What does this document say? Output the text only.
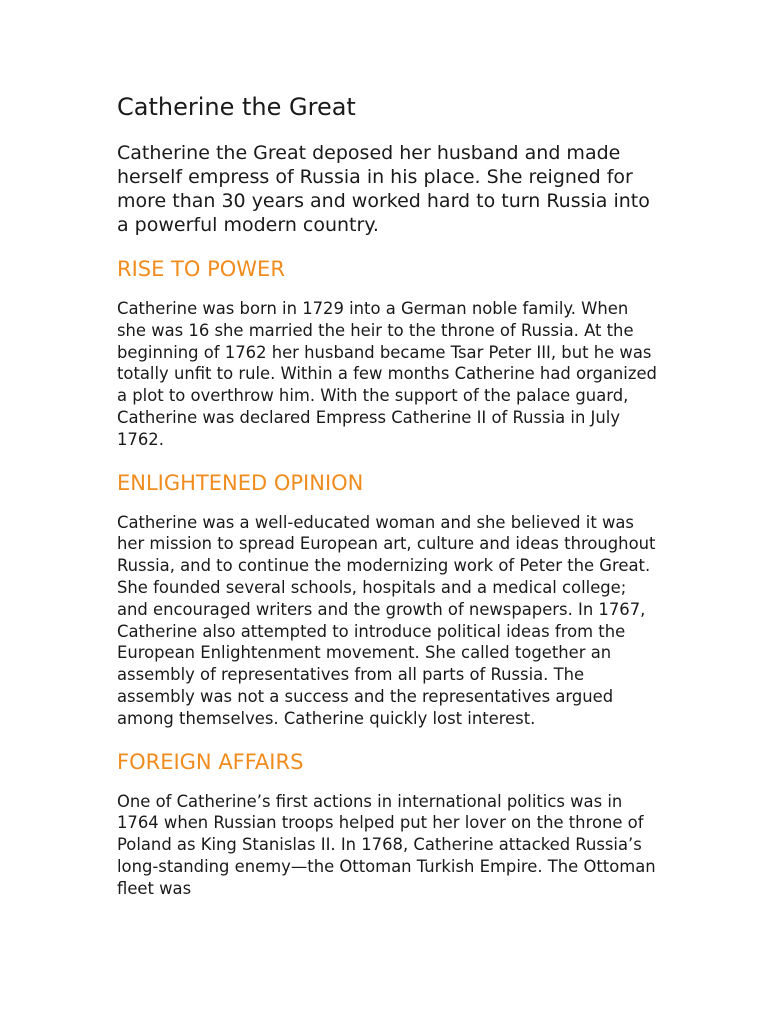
Catherine the Great

Catherine the Great deposed her husband and made herself empress of Russia in his place. She reigned for more than 30 years and worked hard to turn Russia into a powerful modern country.

RISE TO POWER

Catherine was born in 1729 into a German noble family. When she was 16 she married the heir to the throne of Russia. At the beginning of 1762 her husband became Tsar Peter III, but he was totally unfit to rule. Within a few months Catherine had organized a plot to overthrow him. With the support of the palace guard, Catherine was declared Empress Catherine II of Russia in July 1762.

ENLIGHTENED OPINION

Catherine was a well-educated woman and she believed it was her mission to spread European art, culture and ideas throughout Russia, and to continue the modernizing work of Peter the Great. She founded several schools, hospitals and a medical college; and encouraged writers and the growth of newspapers. In 1767, Catherine also attempted to introduce political ideas from the European Enlightenment movement. She called together an assembly of representatives from all parts of Russia. The assembly was not a success and the representatives argued among themselves. Catherine quickly lost interest.

FOREIGN AFFAIRS

One of Catherine’s first actions in international politics was in 1764 when Russian troops helped put her lover on the throne of Poland as King Stanislas II. In 1768, Catherine attacked Russia’s long-standing enemy—the Ottoman Turkish Empire. The Ottoman fleet was
